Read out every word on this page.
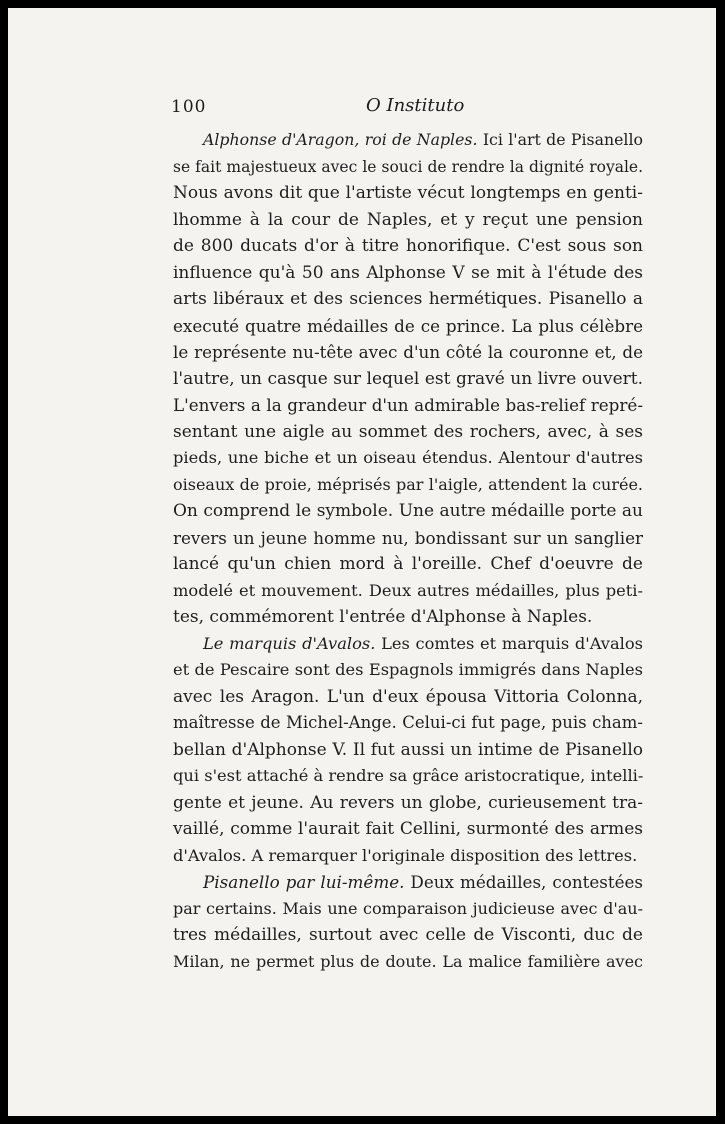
100	O Instituto
Alphonse d'Aragon, roi de Naples. Ici l'art de Pisanello
se fait majestueux avec le souci de rendre la dignité royale.
Nous avons dit que l'artiste vécut longtemps en genti-
lhomme à la cour de Naples, et y reçut une pension
de 800 ducats d'or à titre honorifique. C'est sous son
influence qu'à 50 ans Alphonse V se mit à l'étude des
arts libéraux et des sciences hermétiques. Pisanello a
executé quatre médailles de ce prince. La plus célèbre
le représente nu-tête avec d'un côté la couronne et, de
l'autre, un casque sur lequel est gravé un livre ouvert.
L'envers a la grandeur d'un admirable bas-relief repré-
sentant une aigle au sommet des rochers, avec, à ses
pieds, une biche et un oiseau étendus. Alentour d'autres
oiseaux de proie, méprisés par l'aigle, attendent la curée.
On comprend le symbole. Une autre médaille porte au
revers un jeune homme nu, bondissant sur un sanglier
lancé qu'un chien mord à l'oreille. Chef d'oeuvre de
modelé et mouvement. Deux autres médailles, plus peti-
tes, commémorent l'entrée d'Alphonse à Naples.
Le marquis d'Avalos. Les comtes et marquis d'Avalos
et de Pescaire sont des Espagnols immigrés dans Naples
avec les Aragon. L'un d'eux épousa Vittoria Colonna,
maîtresse de Michel-Ange. Celui-ci fut page, puis cham-
bellan d'Alphonse V. Il fut aussi un intime de Pisanello
qui s'est attaché à rendre sa grâce aristocratique, intelli-
gente et jeune. Au revers un globe, curieusement tra-
vaillé, comme l'aurait fait Cellini, surmonté des armes
d'Avalos. A remarquer l'originale disposition des lettres.
Pisanello par lui-même. Deux médailles, contestées
par certains. Mais une comparaison judicieuse avec d'au-
tres médailles, surtout avec celle de Visconti, duc de
Milan, ne permet plus de doute. La malice familière avec
